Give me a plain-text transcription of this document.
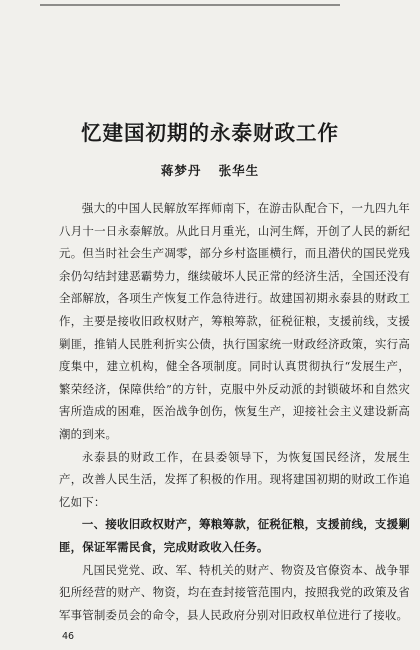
忆建国初期的永泰财政工作
蒋梦丹 张华生

强大的中国人民解放军挥师南下，在游击队配合下，一九四九年八月十一日永泰解放。从此日月重光，山河生辉，开创了人民的新纪元。但当时社会生产凋零，部分乡村盗匪横行，而且潜伏的国民党残余仍勾结封建恶霸势力，继续破坏人民正常的经济生活，全国还没有全部解放，各项生产恢复工作急待进行。故建国初期永泰县的财政工作，主要是接收旧政权财产，筹粮筹款，征税征粮，支援前线，支援剿匪，推销人民胜利折实公债，执行国家统一财政经济政策，实行高度集中，建立机构，健全各项制度。同时认真贯彻执行“发展生产，繁荣经济，保障供给”的方针，克服中外反动派的封锁破坏和自然灾害所造成的困难，医治战争创伤，恢复生产，迎接社会主义建设新高潮的到来。

永泰县的财政工作，在县委领导下，为恢复国民经济，发展生产，改善人民生活，发挥了积极的作用。现将建国初期的财政工作追忆如下：

一、接收旧政权财产，筹粮筹款，征税征粮，支援前线，支援剿匪，保证军需民食，完成财政收入任务。

凡国民党党、政、军、特机关的财产、物资及官僚资本、战争罪犯所经营的财产、物资，均在查封接管范围内，按照我党的政策及省军事管制委员会的命令，县人民政府分别对旧政权单位进行了接收。

46
